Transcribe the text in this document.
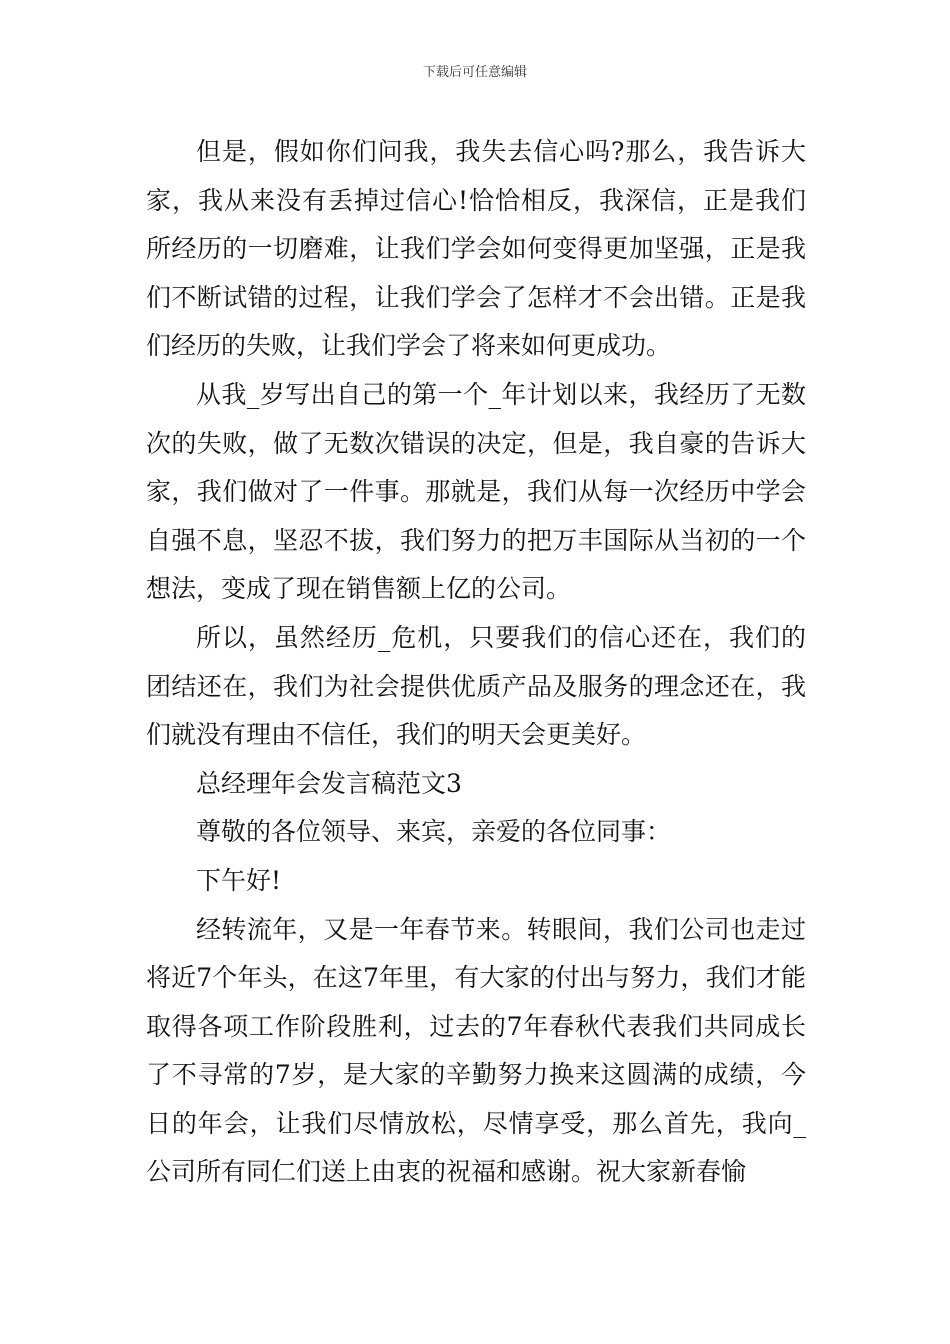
下载后可任意编辑

但是，假如你们问我，我失去信心吗?那么，我告诉大家，我从来没有丢掉过信心!恰恰相反，我深信，正是我们所经历的一切磨难，让我们学会如何变得更加坚强，正是我们不断试错的过程，让我们学会了怎样才不会出错。正是我们经历的失败，让我们学会了将来如何更成功。

从我_岁写出自己的第一个_年计划以来，我经历了无数次的失败，做了无数次错误的决定，但是，我自豪的告诉大家，我们做对了一件事。那就是，我们从每一次经历中学会自强不息，坚忍不拔，我们努力的把万丰国际从当初的一个想法，变成了现在销售额上亿的公司。

所以，虽然经历_危机，只要我们的信心还在，我们的团结还在，我们为社会提供优质产品及服务的理念还在，我们就没有理由不信任，我们的明天会更美好。

总经理年会发言稿范文3

尊敬的各位领导、来宾，亲爱的各位同事：

下午好!

经转流年，又是一年春节来。转眼间，我们公司也走过将近7个年头，在这7年里，有大家的付出与努力，我们才能取得各项工作阶段胜利，过去的7年春秋代表我们共同成长了不寻常的7岁，是大家的辛勤努力换来这圆满的成绩，今日的年会，让我们尽情放松，尽情享受，那么首先，我向_公司所有同仁们送上由衷的祝福和感谢。祝大家新春愉
